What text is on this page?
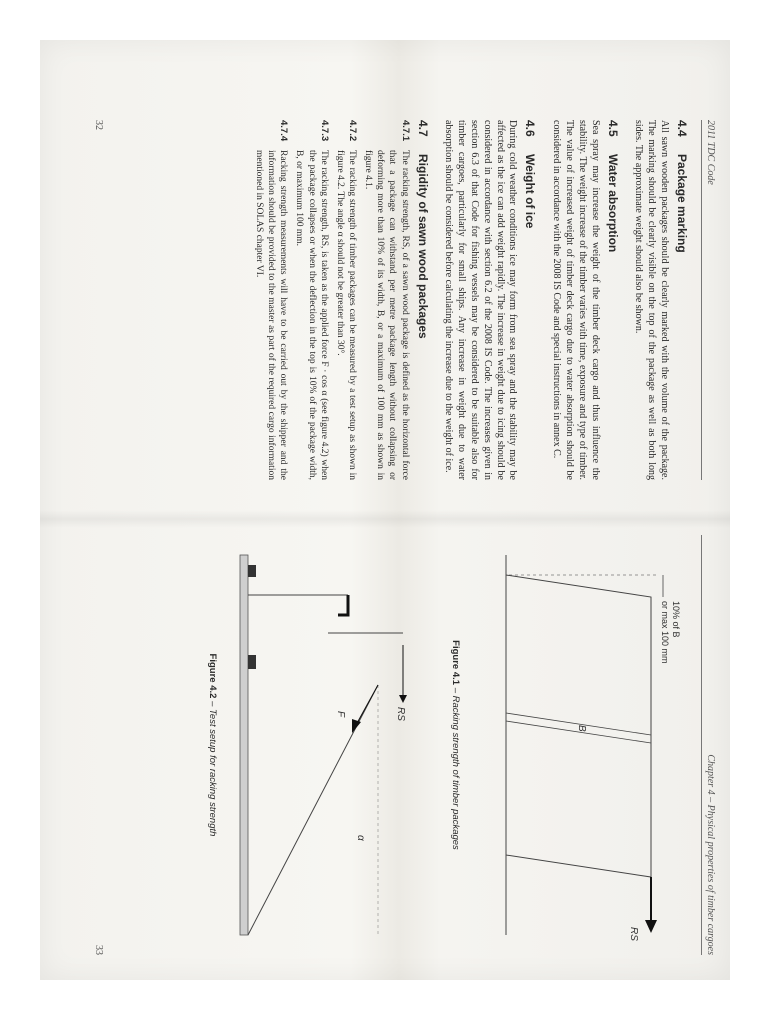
2011 TDC Code
4.4Package marking

All sawn wooden packages should be clearly marked with the volume of the package. The marking should be clearly visible on the top of the package as well as both long sides. The approximate weight should also be shown.

4.5Water absorption

Sea spray may increase the weight of the timber deck cargo and thus influence the stability. The weight increase of the timber varies with time, exposure and type of timber. The value of increased weight of timber deck cargo due to water absorption should be considered in accordance with the 2008 IS Code and special instructions in annex C.

4.6Weight of ice

During cold weather conditions ice may form from sea spray and the stability may be affected as the ice can add weight rapidly. The increase in weight due to icing should be considered in accordance with section 6.2 of the 2008 IS Code. The increases given in section 6.3 of that Code for fishing vessels may be considered to be suitable also for timber cargoes, particularly for small ships. Any increase in weight due to water absorption should be considered before calculating the increase due to the weight of ice.

4.7Rigidity of sawn wood packages
4.7.1
The racking strength, RS, of a sawn wood package is defined as the horizontal force that a package can withstand per metre package length without collapsing or deforming more than 10% of its width, B, or a maximum of 100 mm as shown in figure 4.1.
4.7.2
The racking strength of timber packages can be measured by a test setup as shown in figure 4.2. The angle α should not be greater than 30°.
4.7.3
The racking strength, RS, is taken as the applied force F · cos α (see figure 4.2) when the package collapses or when the deflection in the top is 10% of the package width, B, or maximum 100 mm.
4.7.4
Racking strength measurements will have to be carried out by the shipper and the information should be provided to the master as part of the required cargo information mentioned in SOLAS chapter VI.
32
Chapter 4 – Physical properties of timber cargoes
10% of B
or max 100 mm
B
RS
Figure 4.1 – Racking strength of timber packages
RS
F
α
Figure 4.2 – Test setup for racking strength
33
